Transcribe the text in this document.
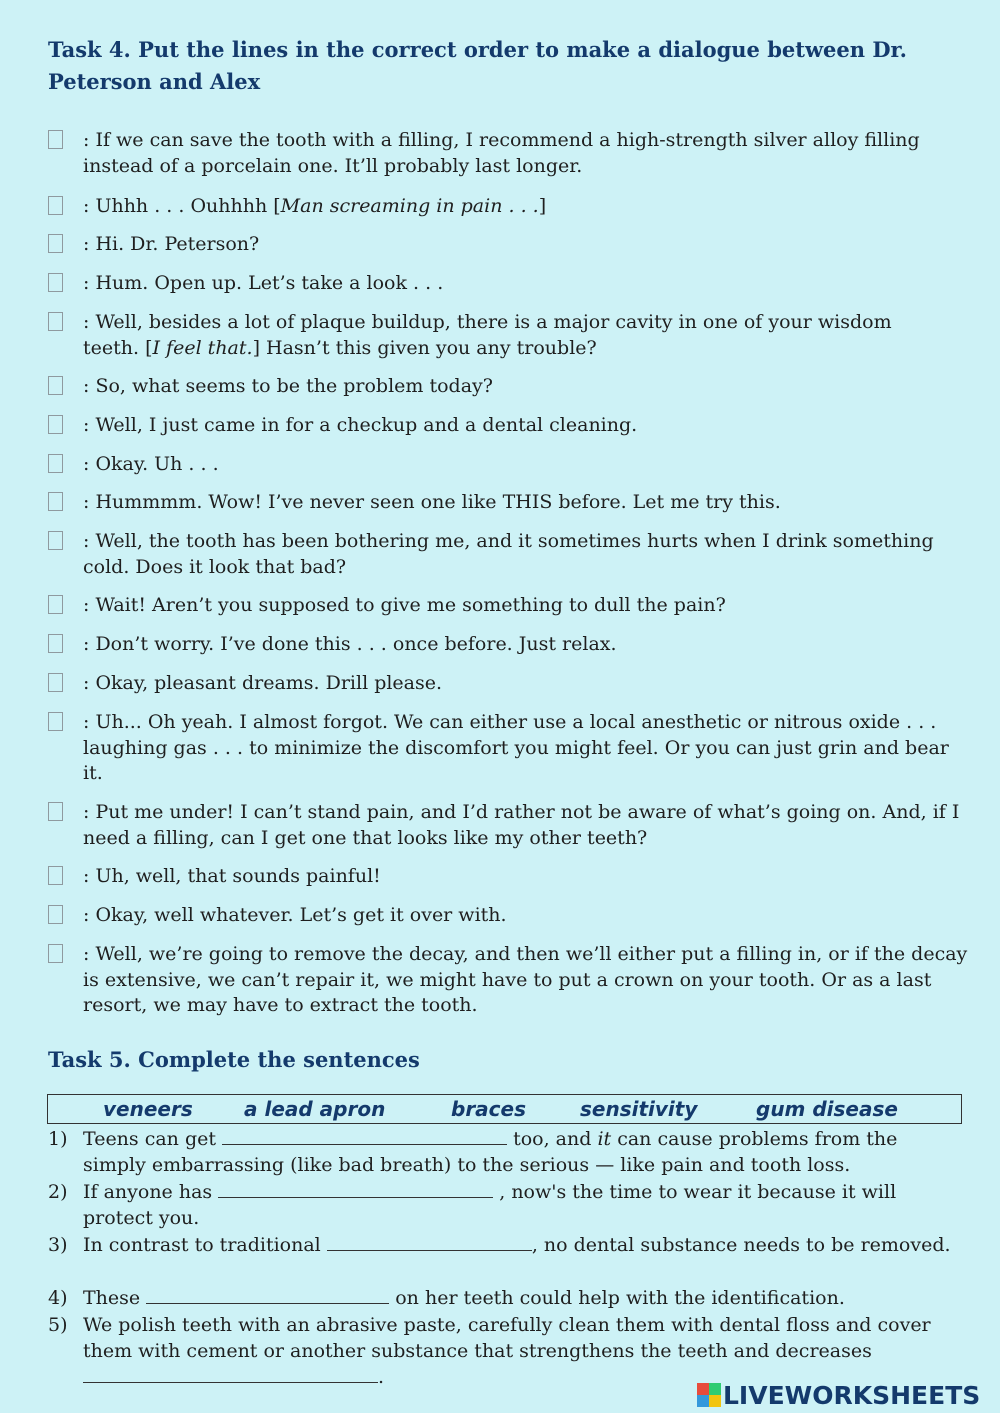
Task 4. Put the lines in the correct order to make a dialogue between Dr. Peterson and Alex
: If we can save the tooth with a filling, I recommend a high-strength silver alloy filling instead of a porcelain one. It’ll probably last longer.
: Uhhh . . . Ouhhhh [Man screaming in pain . . .]
: Hi. Dr. Peterson?
: Hum. Open up. Let’s take a look . . .
: Well, besides a lot of plaque buildup, there is a major cavity in one of your wisdom teeth. [I feel that.] Hasn’t this given you any trouble?
: So, what seems to be the problem today?
: Well, I just came in for a checkup and a dental cleaning.
: Okay. Uh . . .
: Hummmm. Wow! I’ve never seen one like THIS before. Let me try this.
: Well, the tooth has been bothering me, and it sometimes hurts when I drink something cold. Does it look that bad?
: Wait! Aren’t you supposed to give me something to dull the pain?
: Don’t worry. I’ve done this . . . once before. Just relax.
: Okay, pleasant dreams. Drill please.
: Uh... Oh yeah. I almost forgot. We can either use a local anesthetic or nitrous oxide . . . laughing gas . . . to minimize the discomfort you might feel. Or you can just grin and bear it.
: Put me under! I can’t stand pain, and I’d rather not be aware of what’s going on. And, if I need a filling, can I get one that looks like my other teeth?
: Uh, well, that sounds painful!
: Okay, well whatever. Let’s get it over with.
: Well, we’re going to remove the decay, and then we’ll either put a filling in, or if the decay is extensive, we can’t repair it, we might have to put a crown on your tooth. Or as a last resort, we may have to extract the tooth.
Task 5. Complete the sentences
veneers	a lead apron	braces	sensitivity	gum disease
1) Teens can get	too, and it can cause problems from the simply embarrassing (like bad breath) to the serious — like pain and tooth loss.
2) If anyone has	, now's the time to wear it because it will protect you.
3) In contrast to traditional	, no dental substance needs to be removed.
4) These	on her teeth could help with the identification.
5) We polish teeth with an abrasive paste, carefully clean them with dental floss and cover them with cement or another substance that strengthens the teeth and decreases .
LIVEWORKSHEETS
